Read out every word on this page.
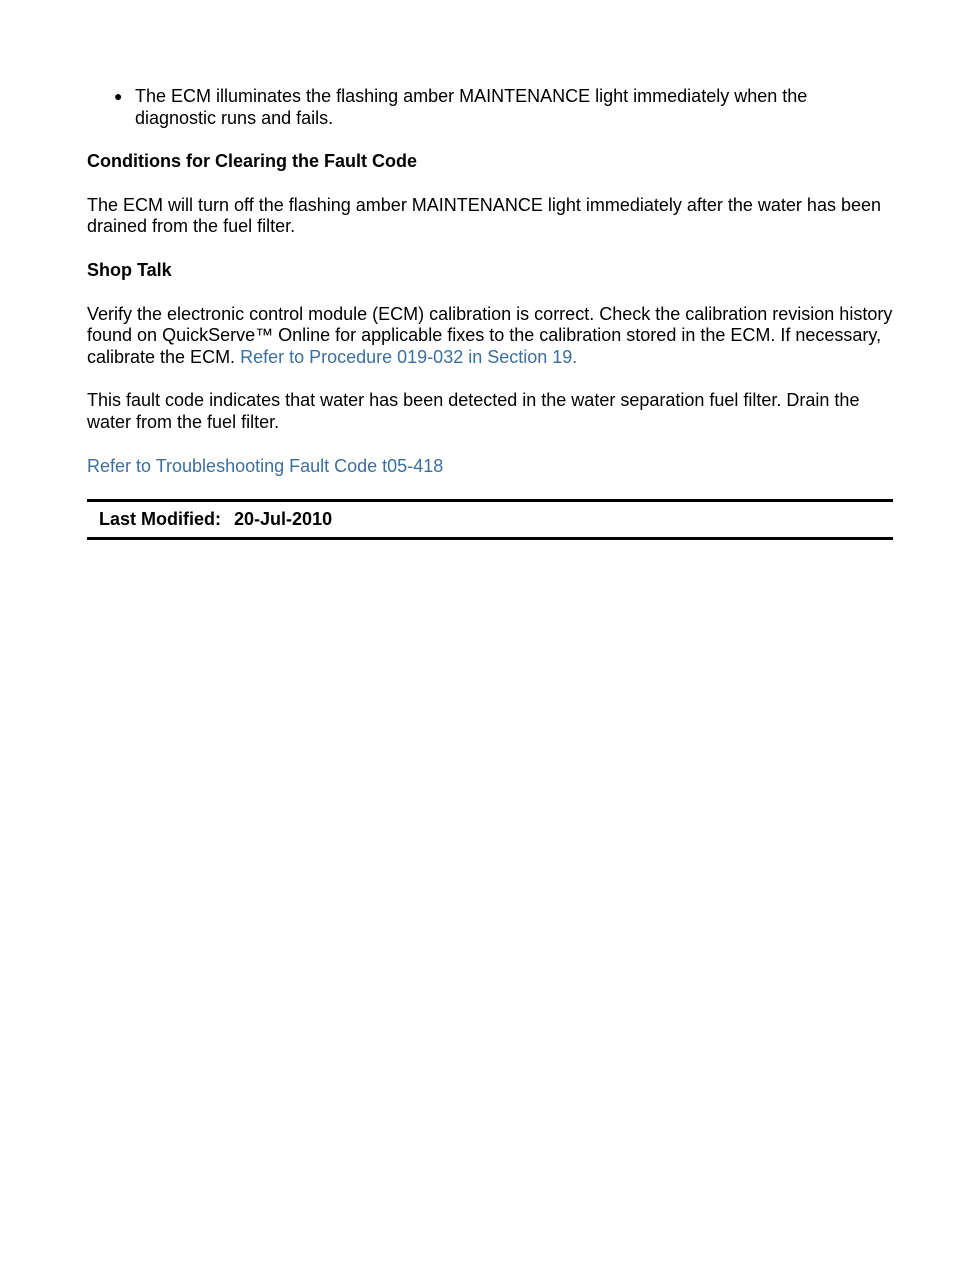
● The ECM illuminates the flashing amber MAINTENANCE light immediately when the diagnostic runs and fails.
Conditions for Clearing the Fault Code

The ECM will turn off the flashing amber MAINTENANCE light immediately after the water has been drained from the fuel filter.

Shop Talk

Verify the electronic control module (ECM) calibration is correct. Check the calibration revision history found on QuickServe™ Online for applicable fixes to the calibration stored in the ECM. If necessary, calibrate the ECM. Refer to Procedure 019-032 in Section 19.

This fault code indicates that water has been detected in the water separation fuel filter. Drain the water from the fuel filter.

Refer to Troubleshooting Fault Code t05-418

Last Modified: 20-Jul-2010
